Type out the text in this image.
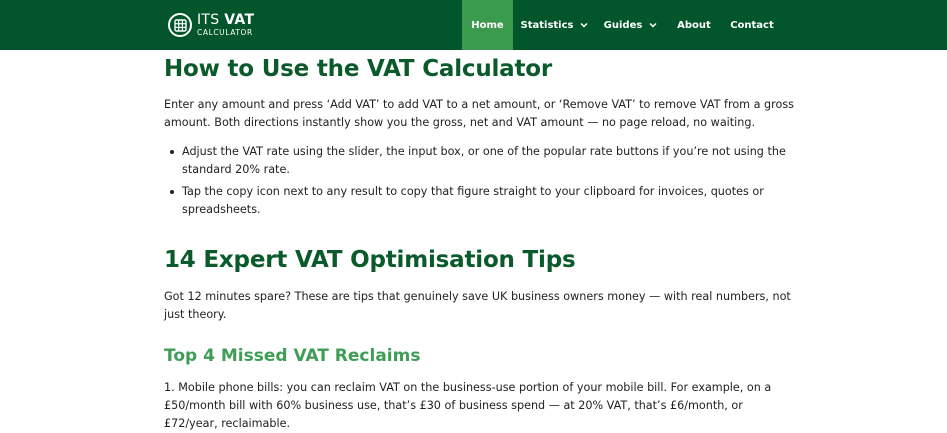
ITS VAT
CALCULATOR
Home Statistics	Guides	About Contact
How to Use the VAT Calculator

Enter any amount and press ‘Add VAT’ to add VAT to a net amount, or ‘Remove VAT’ to remove VAT from a gross amount. Both directions instantly show you the gross, net and VAT amount — no page reload, no waiting.

Adjust the VAT rate using the slider, the input box, or one of the popular rate buttons if you’re not using the standard 20% rate.
Tap the copy icon next to any result to copy that figure straight to your clipboard for invoices, quotes or spreadsheets.
14 Expert VAT Optimisation Tips

Got 12 minutes spare? These are tips that genuinely save UK business owners money — with real numbers, not just theory.

Top 4 Missed VAT Reclaims

1. Mobile phone bills: you can reclaim VAT on the business-use portion of your mobile bill. For example, on a £50/month bill with 60% business use, that’s £30 of business spend — at 20% VAT, that’s £6/month, or £72/year, reclaimable.
